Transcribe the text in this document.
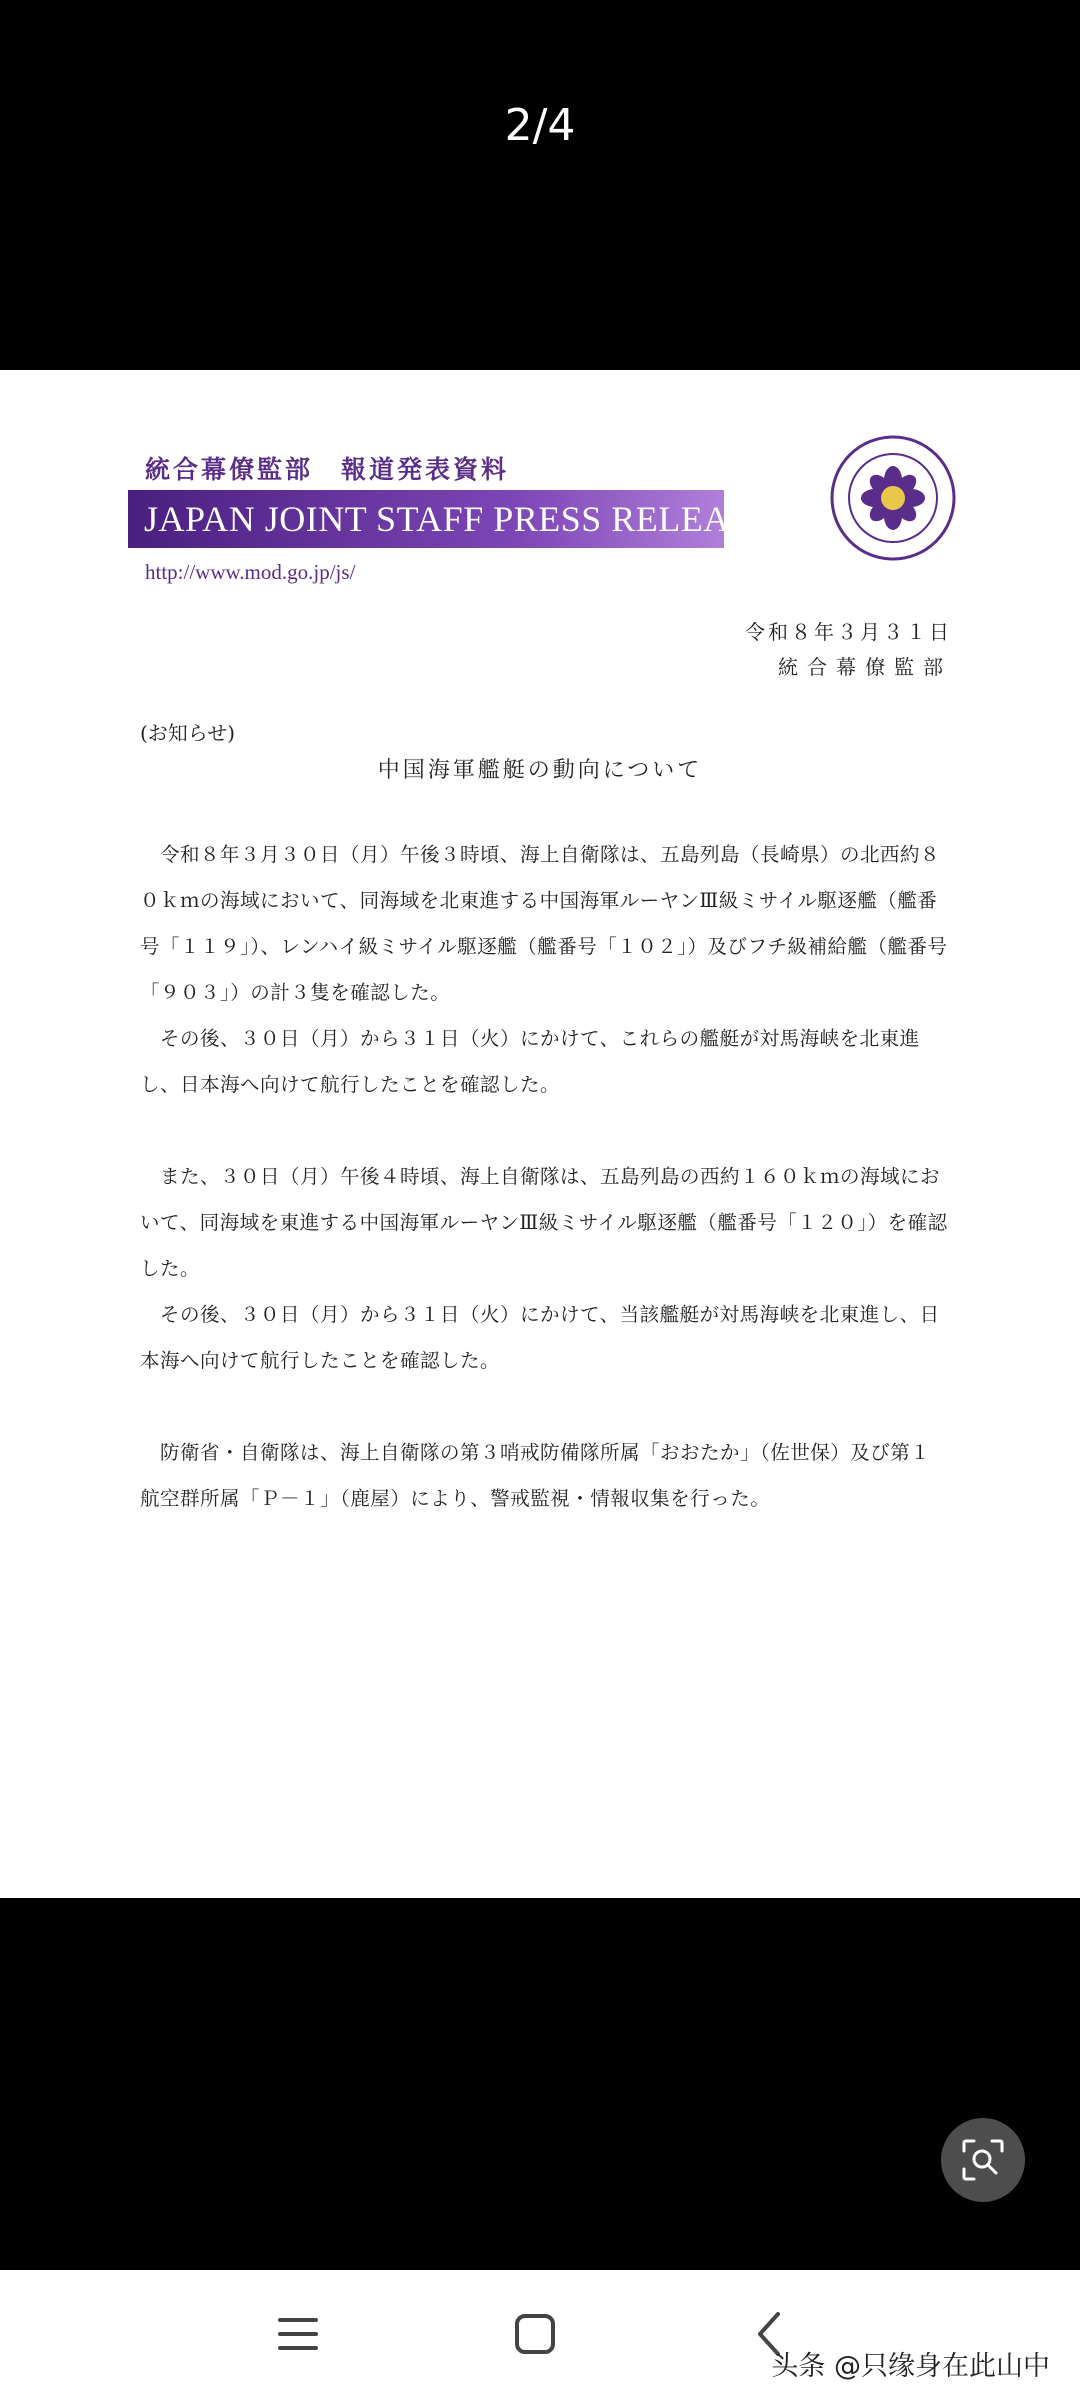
2/4
統合幕僚監部　報道発表資料
JAPAN JOINT STAFF PRESS RELEASE
http://www.mod.go.jp/js/
令和８年３月３１日
統合幕僚監部
(お知らせ)
中国海軍艦艇の動向について

　令和８年３月３０日（月）午後３時頃、海上自衛隊は、五島列島（長崎県）の北西約８０ｋｍの海域において、同海域を北東進する中国海軍ルーヤンⅢ級ミサイル駆逐艦（艦番号「１１９」）、レンハイ級ミサイル駆逐艦（艦番号「１０２」）及びフチ級補給艦（艦番号「９０３」）の計３隻を確認した。

　その後、３０日（月）から３１日（火）にかけて、これらの艦艇が対馬海峡を北東進し、日本海へ向けて航行したことを確認した。

　また、３０日（月）午後４時頃、海上自衛隊は、五島列島の西約１６０ｋｍの海域において、同海域を東進する中国海軍ルーヤンⅢ級ミサイル駆逐艦（艦番号「１２０」）を確認した。

　その後、３０日（月）から３１日（火）にかけて、当該艦艇が対馬海峡を北東進し、日本海へ向けて航行したことを確認した。

　防衛省・自衛隊は、海上自衛隊の第３哨戒防備隊所属「おおたか」（佐世保）及び第１航空群所属「Ｐ－１」（鹿屋）により、警戒監視・情報収集を行った。

头条 @只缘身在此山中
